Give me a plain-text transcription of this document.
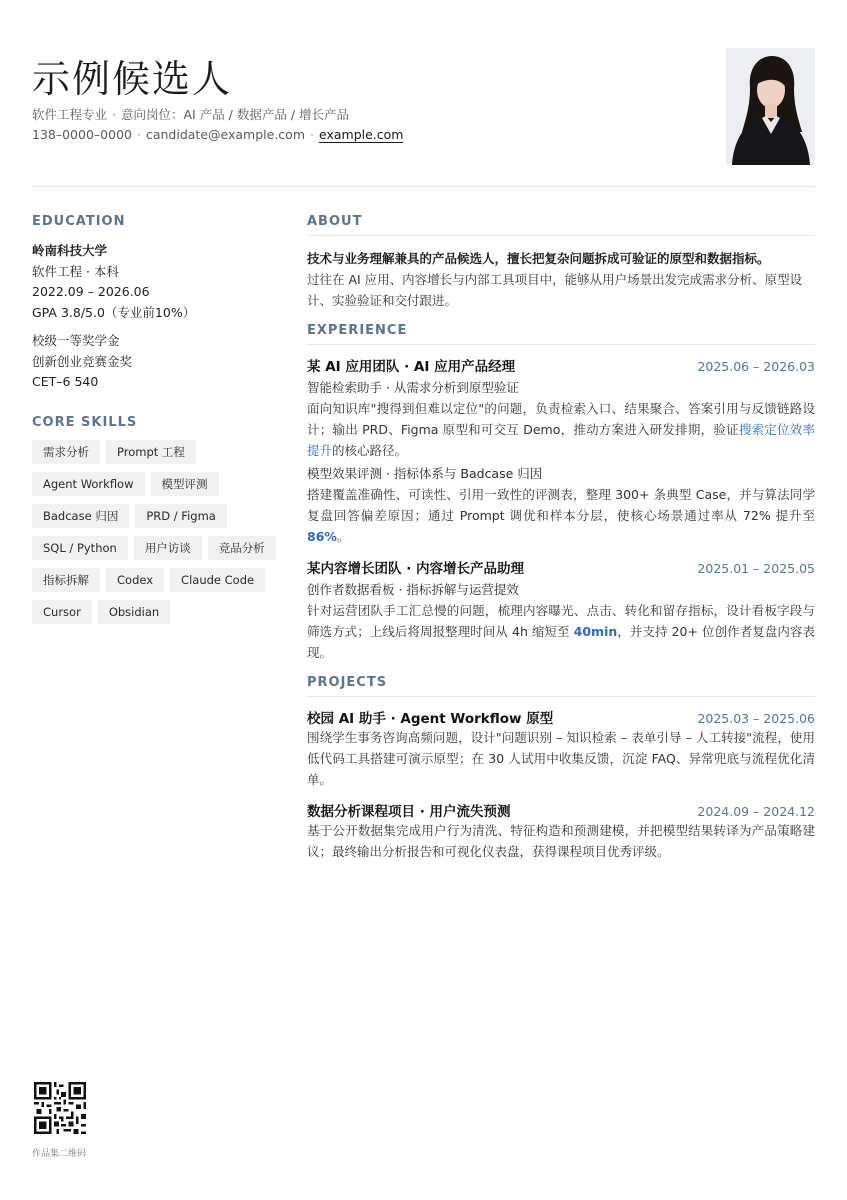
示例候选人
软件工程专业 · 意向岗位：AI 产品 / 数据产品 / 增长产品
138–0000–0000 · candidate@example.com · example.com
EDUCATION
岭南科技大学
软件工程 · 本科
2022.09 – 2026.06
GPA 3.8/5.0（专业前10%）
校级一等奖学金
创新创业竞赛金奖
CET–6 540
CORE SKILLS
需求分析	Prompt 工程
Agent Workflow	模型评测
Badcase 归因	PRD / Figma
SQL / Python	用户访谈	竞品分析
指标拆解	Codex	Claude Code
Cursor	Obsidian
ABOUT
技术与业务理解兼具的产品候选人，擅长把复杂问题拆成可验证的原型和数据指标。
过往在 AI 应用、内容增长与内部工具项目中，能够从用户场景出发完成需求分析、原型设计、实验验证和交付跟进。
EXPERIENCE
某 AI 应用团队 · AI 应用产品经理	2025.06 – 2026.03
智能检索助手 · 从需求分析到原型验证
面向知识库"搜得到但难以定位"的问题，负责检索入口、结果聚合、答案引用与反馈链路设计；输出 PRD、Figma 原型和可交互 Demo，推动方案进入研发排期，验证搜索定位效率提升的核心路径。
模型效果评测 · 指标体系与 Badcase 归因
搭建覆盖准确性、可读性、引用一致性的评测表，整理 300+ 条典型 Case，并与算法同学复盘回答偏差原因；通过 Prompt 调优和样本分层，使核心场景通过率从 72% 提升至 86%。
某内容增长团队 · 内容增长产品助理	2025.01 – 2025.05
创作者数据看板 · 指标拆解与运营提效
针对运营团队手工汇总慢的问题，梳理内容曝光、点击、转化和留存指标，设计看板字段与筛选方式；上线后将周报整理时间从 4h 缩短至 40min，并支持 20+ 位创作者复盘内容表现。
PROJECTS
校园 AI 助手 · Agent Workflow 原型	2025.03 – 2025.06
围绕学生事务咨询高频问题，设计"问题识别 – 知识检索 – 表单引导 – 人工转接"流程，使用低代码工具搭建可演示原型；在 30 人试用中收集反馈，沉淀 FAQ、异常兜底与流程优化清单。
数据分析课程项目 · 用户流失预测	2024.09 – 2024.12
基于公开数据集完成用户行为清洗、特征构造和预测建模，并把模型结果转译为产品策略建议；最终输出分析报告和可视化仪表盘，获得课程项目优秀评级。
作品集二维码
